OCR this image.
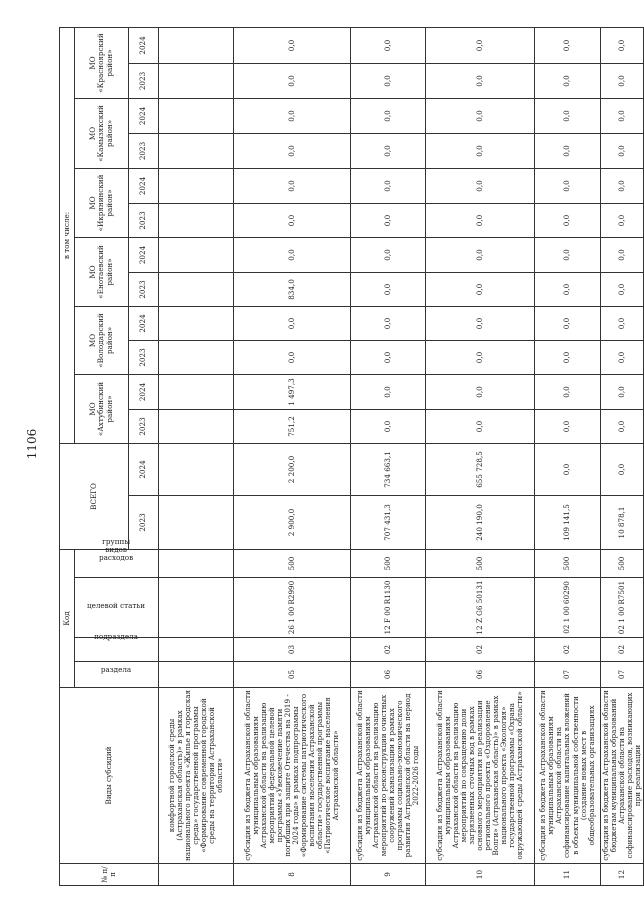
1106
№ п/п	Виды субсидий	Код				ВСЕГО		в том числе:											
		раздела	подраздела	целевой статьи	группы видов расходов			МО «Ахтубинский район»		МО «Володарский район»		МО «Енотаевский район»		МО «Икрянинский район»		МО «Камызякский район»		МО «Красноярский район»	
						2023	2024	2023	2024	2023	2024	2023	2024	2023	2024	2023	2024	2023	2024
	комфортной городской среды (Астраханская область)» в рамках национального проекта «Жилье и городская среда» государственной программы «Формирование современной городской среды на территории Астраханской области»																		
8	субсидия из бюджета Астраханской области муниципальным образованиям Астраханской области на реализацию мероприятий федеральной целевой программы «Увековечение памяти погибших при защите Отечества на 2019 - 2024 годы» в рамках подпрограммы «Формирование системы патриотического воспитания населения Астраханской области» государственной программы «Патриотическое воспитание населения Астраханской области»	05	03	26 1 00 R2990	500	2 900,0	2 200,0	751,2	1 497,3	0,0	0,0	834,0	0,0	0,0	0,0	0,0	0,0	0,0	0,0
9	субсидия из бюджета Астраханской области муниципальным образованиям Астраханской области на реализацию мероприятий по реконструкции очистных сооружений канализации в рамках программы социально-экономического развития Астраханской области на период 2022-2026 годы	06	02	12 F 00 R1130	500	707 431,3	734 663,1	0,0	0,0	0,0	0,0	0,0	0,0	0,0	0,0	0,0	0,0	0,0	0,0
10	субсидия из бюджета Астраханской области муниципальным образованиям Астраханской области на реализацию мероприятий по сокращению доли загрязненных сточных вод в рамках основного мероприятия по реализации регионального проекта «Оздоровление Волги» (Астраханская область)» в рамках национального проекта «Экология» государственной программы «Охрана окружающей среды Астраханской области»	06	02	12 Z G6 50131	500	240 190,0	655 728,5	0,0	0,0	0,0	0,0	0,0	0,0	0,0	0,0	0,0	0,0	0,0	0,0
11	субсидия из бюджета Астраханской области муниципальным образованиям Астраханской области на софинансирование капитальных вложений в объекты муниципальной собственности (создание новых мест в общеобразовательных организациях	07	02	02 1 00 60290	500	109 141,5	0,0	0,0	0,0	0,0	0,0	0,0	0,0	0,0	0,0	0,0	0,0	0,0	0,0
12	субсидия из бюджета Астраханской области бюджетам муниципальных образований Астраханской области на софинансирование расходов, возникающих при реализации	07	02	02 1 00 R7501	500	10 878,1	0,0	0,0	0,0	0,0	0,0	0,0	0,0	0,0	0,0	0,0	0,0	0,0	0,0
